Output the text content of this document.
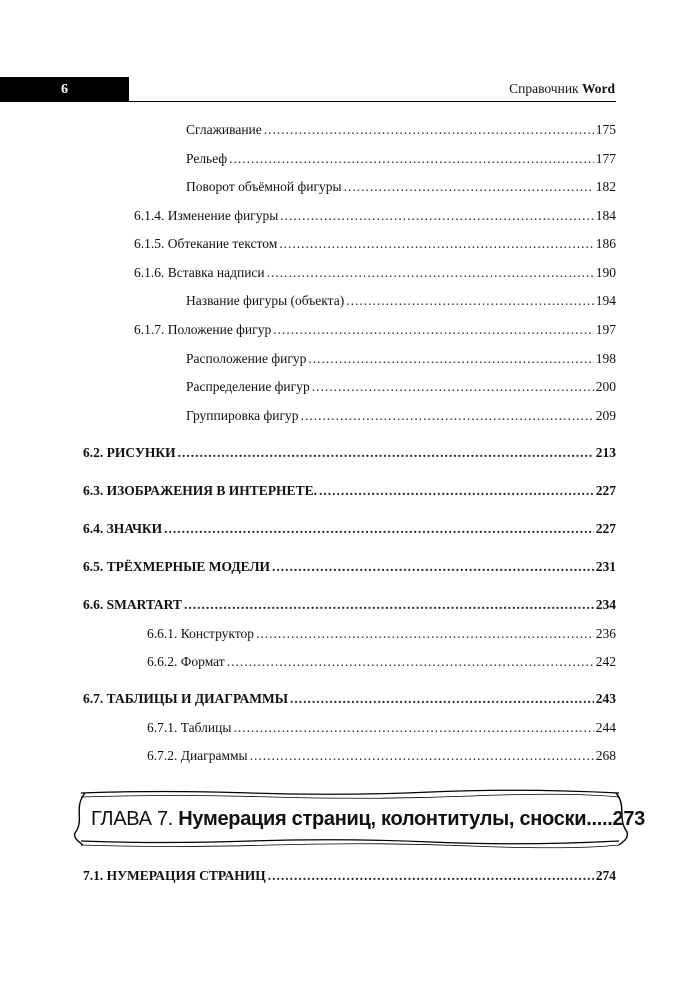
6	Справочник Word
Сглаживание .....	175
Рельеф .....	177
Поворот объёмной фигуры .....	182
6.1.4. Изменение фигуры .....	184
6.1.5. Обтекание текстом .....	186
6.1.6. Вставка надписи .....	190
Название фигуры (объекта) .....	194
6.1.7. Положение фигур .....	197
Расположение фигур .....	198
Распределение фигур .....	200
Группировка фигур .....	209
6.2. РИСУНКИ .....	213
6.3. ИЗОБРАЖЕНИЯ В ИНТЕРНЕТЕ. .....	227
6.4. ЗНАЧКИ .....	227
6.5. ТРЁХМЕРНЫЕ МОДЕЛИ .....	231
6.6. SMARTART .....	234
6.6.1. Конструктор .....	236
6.6.2. Формат .....	242
6.7. ТАБЛИЦЫ И ДИАГРАММЫ .....	243
6.7.1. Таблицы .....	244
6.7.2. Диаграммы .....	268
ГЛАВА 7. Нумерация страниц, колонтитулы, сноски.....273
7.1. НУМЕРАЦИЯ СТРАНИЦ .....	274
